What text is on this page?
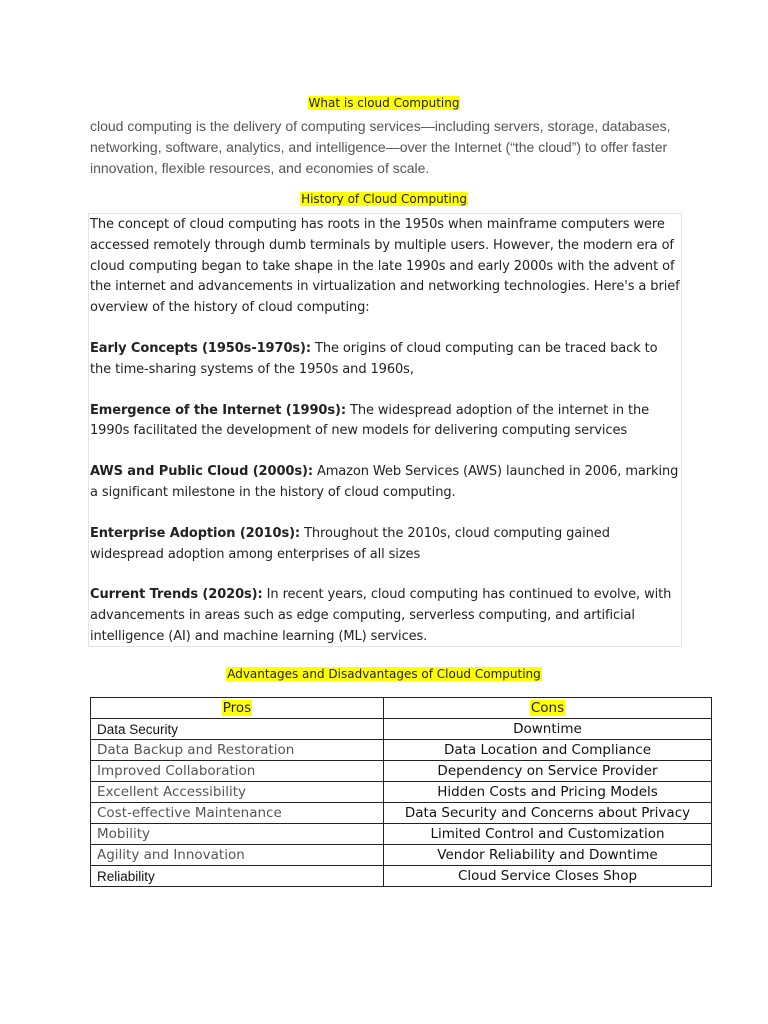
What is cloud Computing
cloud computing is the delivery of computing services—including servers, storage, databases, networking, software, analytics, and intelligence—over the Internet (“the cloud”) to offer faster innovation, flexible resources, and economies of scale.
History of Cloud Computing

The concept of cloud computing has roots in the 1950s when mainframe computers were accessed remotely through dumb terminals by multiple users. However, the modern era of cloud computing began to take shape in the late 1990s and early 2000s with the advent of the internet and advancements in virtualization and networking technologies. Here's a brief overview of the history of cloud computing:

Early Concepts (1950s-1970s): The origins of cloud computing can be traced back to the time-sharing systems of the 1950s and 1960s,

Emergence of the Internet (1990s): The widespread adoption of the internet in the 1990s facilitated the development of new models for delivering computing services

AWS and Public Cloud (2000s): Amazon Web Services (AWS) launched in 2006, marking a significant milestone in the history of cloud computing.

Enterprise Adoption (2010s): Throughout the 2010s, cloud computing gained widespread adoption among enterprises of all sizes

Current Trends (2020s): In recent years, cloud computing has continued to evolve, with advancements in areas such as edge computing, serverless computing, and artificial intelligence (AI) and machine learning (ML) services.

Advantages and Disadvantages of Cloud Computing
Pros	Cons
Data Security	Downtime
Data Backup and Restoration	Data Location and Compliance
Improved Collaboration	Dependency on Service Provider
Excellent Accessibility	Hidden Costs and Pricing Models
Cost-effective Maintenance	Data Security and Concerns about Privacy
Mobility	Limited Control and Customization
Agility and Innovation	Vendor Reliability and Downtime
Reliability	Cloud Service Closes Shop
